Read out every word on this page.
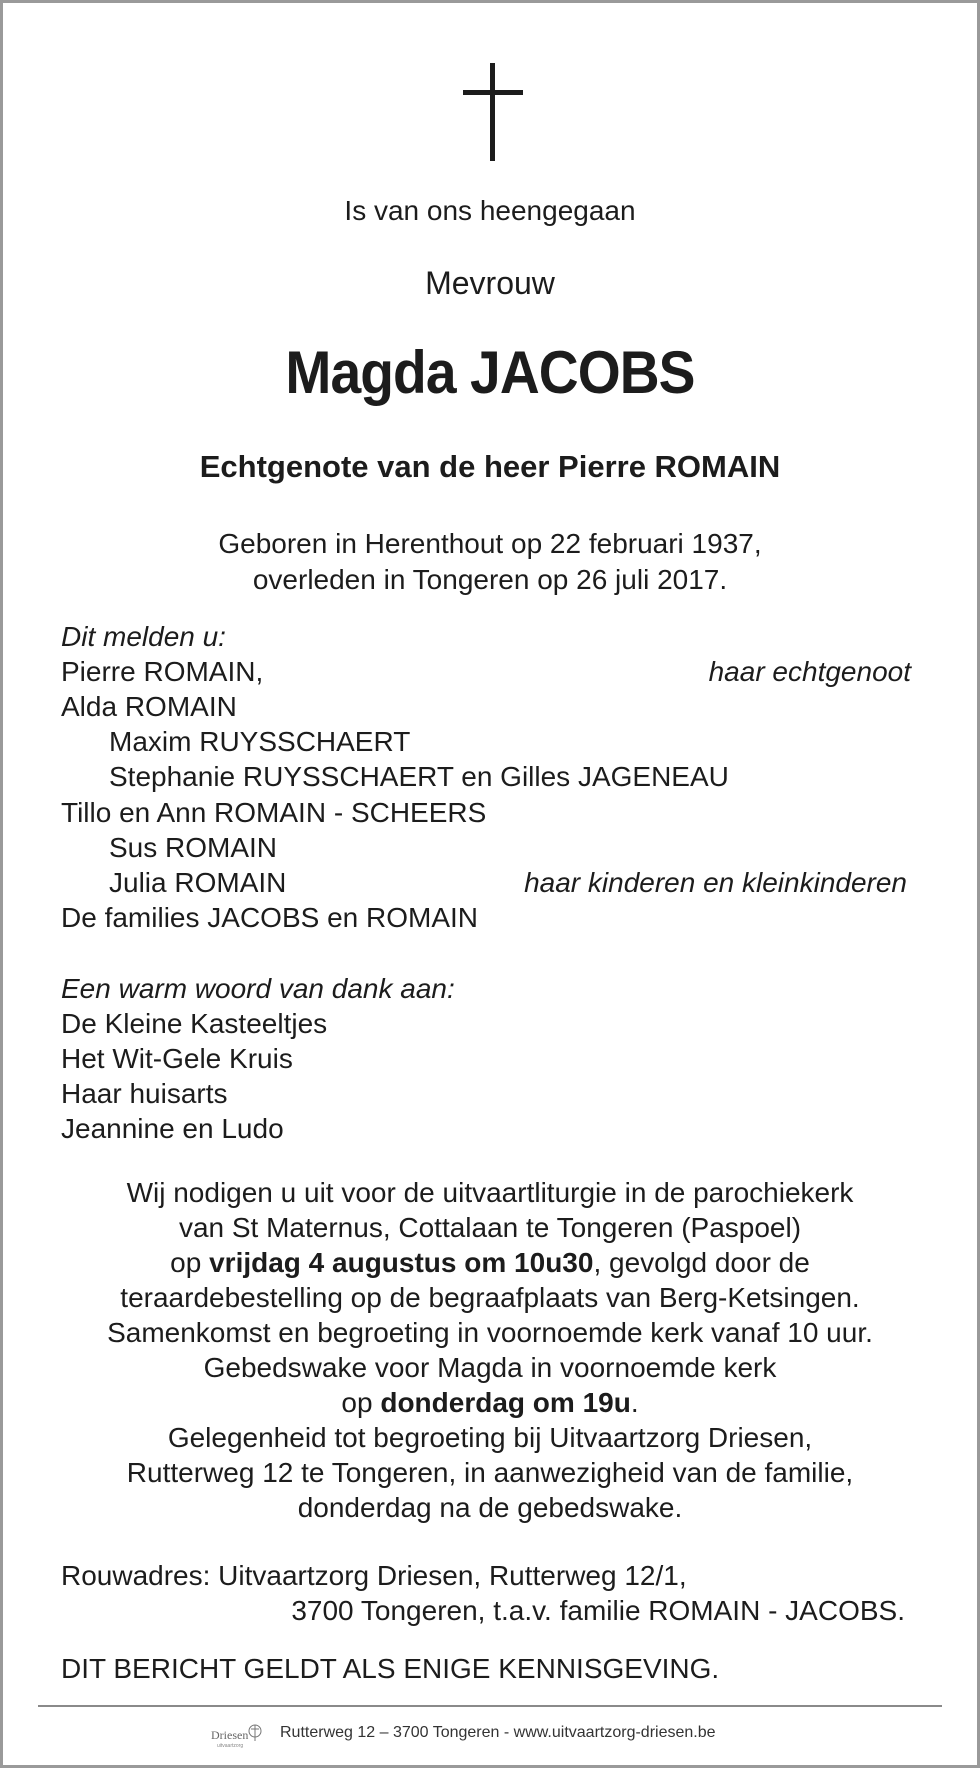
Is van ons heengegaan
Mevrouw
Magda JACOBS
Echtgenote van de heer Pierre ROMAIN
Geboren in Herenthout op 22 februari 1937,
overleden in Tongeren op 26 juli 2017.
Dit melden u:
Pierre ROMAIN,	haar echtgenoot
Alda ROMAIN
Maxim RUYSSCHAERT
Stephanie RUYSSCHAERT en Gilles JAGENEAU
Tillo en Ann ROMAIN - SCHEERS
Sus ROMAIN
Julia ROMAIN	haar kinderen en kleinkinderen
De families JACOBS en ROMAIN
Een warm woord van dank aan:
De Kleine Kasteeltjes
Het Wit-Gele Kruis
Haar huisarts
Jeannine en Ludo
Wij nodigen u uit voor de uitvaartliturgie in de parochiekerk
van St Maternus, Cottalaan te Tongeren (Paspoel)
op vrijdag 4 augustus om 10u30, gevolgd door de
teraardebestelling op de begraafplaats van Berg-Ketsingen.
Samenkomst en begroeting in voornoemde kerk vanaf 10 uur.
Gebedswake voor Magda in voornoemde kerk
op donderdag om 19u.
Gelegenheid tot begroeting bij Uitvaartzorg Driesen,
Rutterweg 12 te Tongeren, in aanwezigheid van de familie,
donderdag na de gebedswake.
Rouwadres: Uitvaartzorg Driesen, Rutterweg 12/1,
3700 Tongeren, t.a.v. familie ROMAIN - JACOBS.
DIT BERICHT GELDT ALS ENIGE KENNISGEVING.
Driesen
uitvaartzorg
Rutterweg 12 – 3700 Tongeren - www.uitvaartzorg-driesen.be
